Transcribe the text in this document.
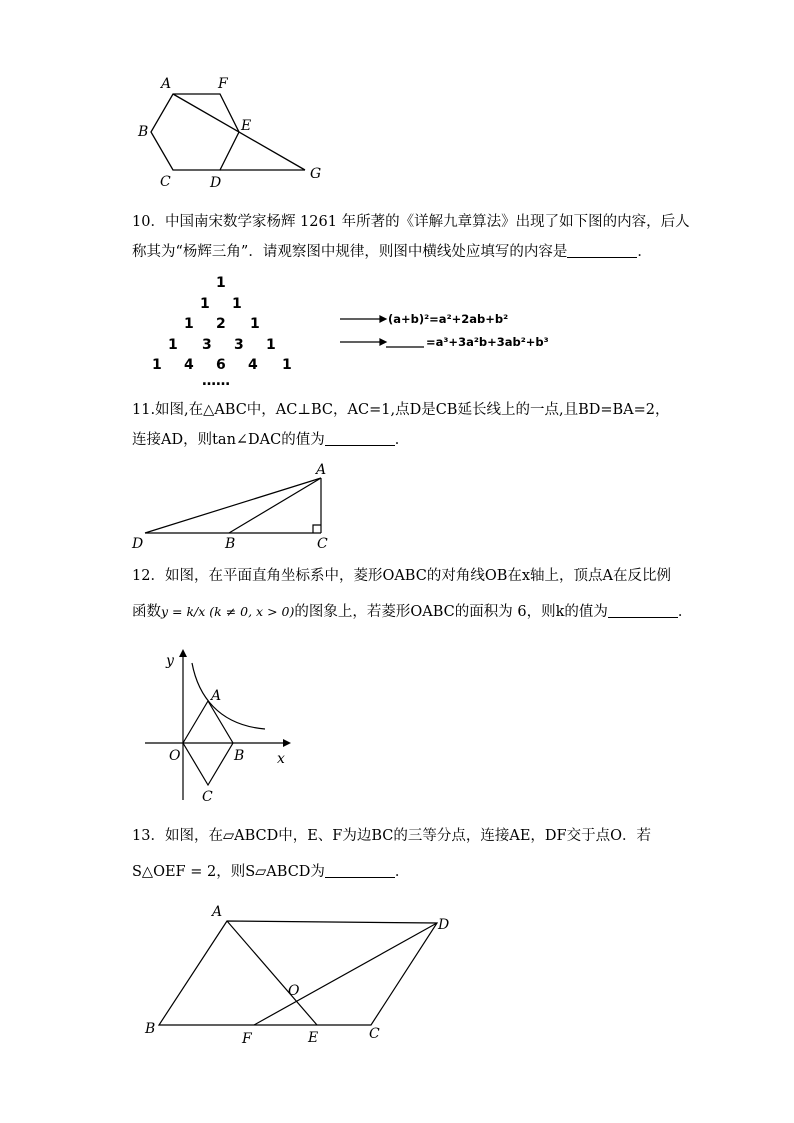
A	F
B	E
C	D
G
10．中国南宋数学家杨辉 1261 年所著的《详解九章算法》出现了如下图的内容，后人
称其为“杨辉三角”．请观察图中规律，则图中横线处应填写的内容是	．
1
1 1
1 2 1
1 3 3 1
1 4 6 4 1
……
(a+b)²=a²+2ab+b²
=a³+3a²b+3ab²+b³
11.如图,在△ABC中，AC⊥BC，AC=1,点D是CB延长线上的一点,且BD=BA=2，
连接AD，则tan∠DAC的值为	．
A
D	B	C
12．如图，在平面直角坐标系中，菱形OABC的对角线OB在x轴上，顶点A在反比例
函数y = k/x (k ≠ 0, x > 0)的图象上，若菱形OABC的面积为 6，则k的值为	．
y
x
A
O	B
C
13．如图，在▱ABCD中，E、F为边BC的三等分点，连接AE，DF交于点O．若
S△OEF = 2，则S▱ABCD为	．
A
D
O
B
F	E	C
